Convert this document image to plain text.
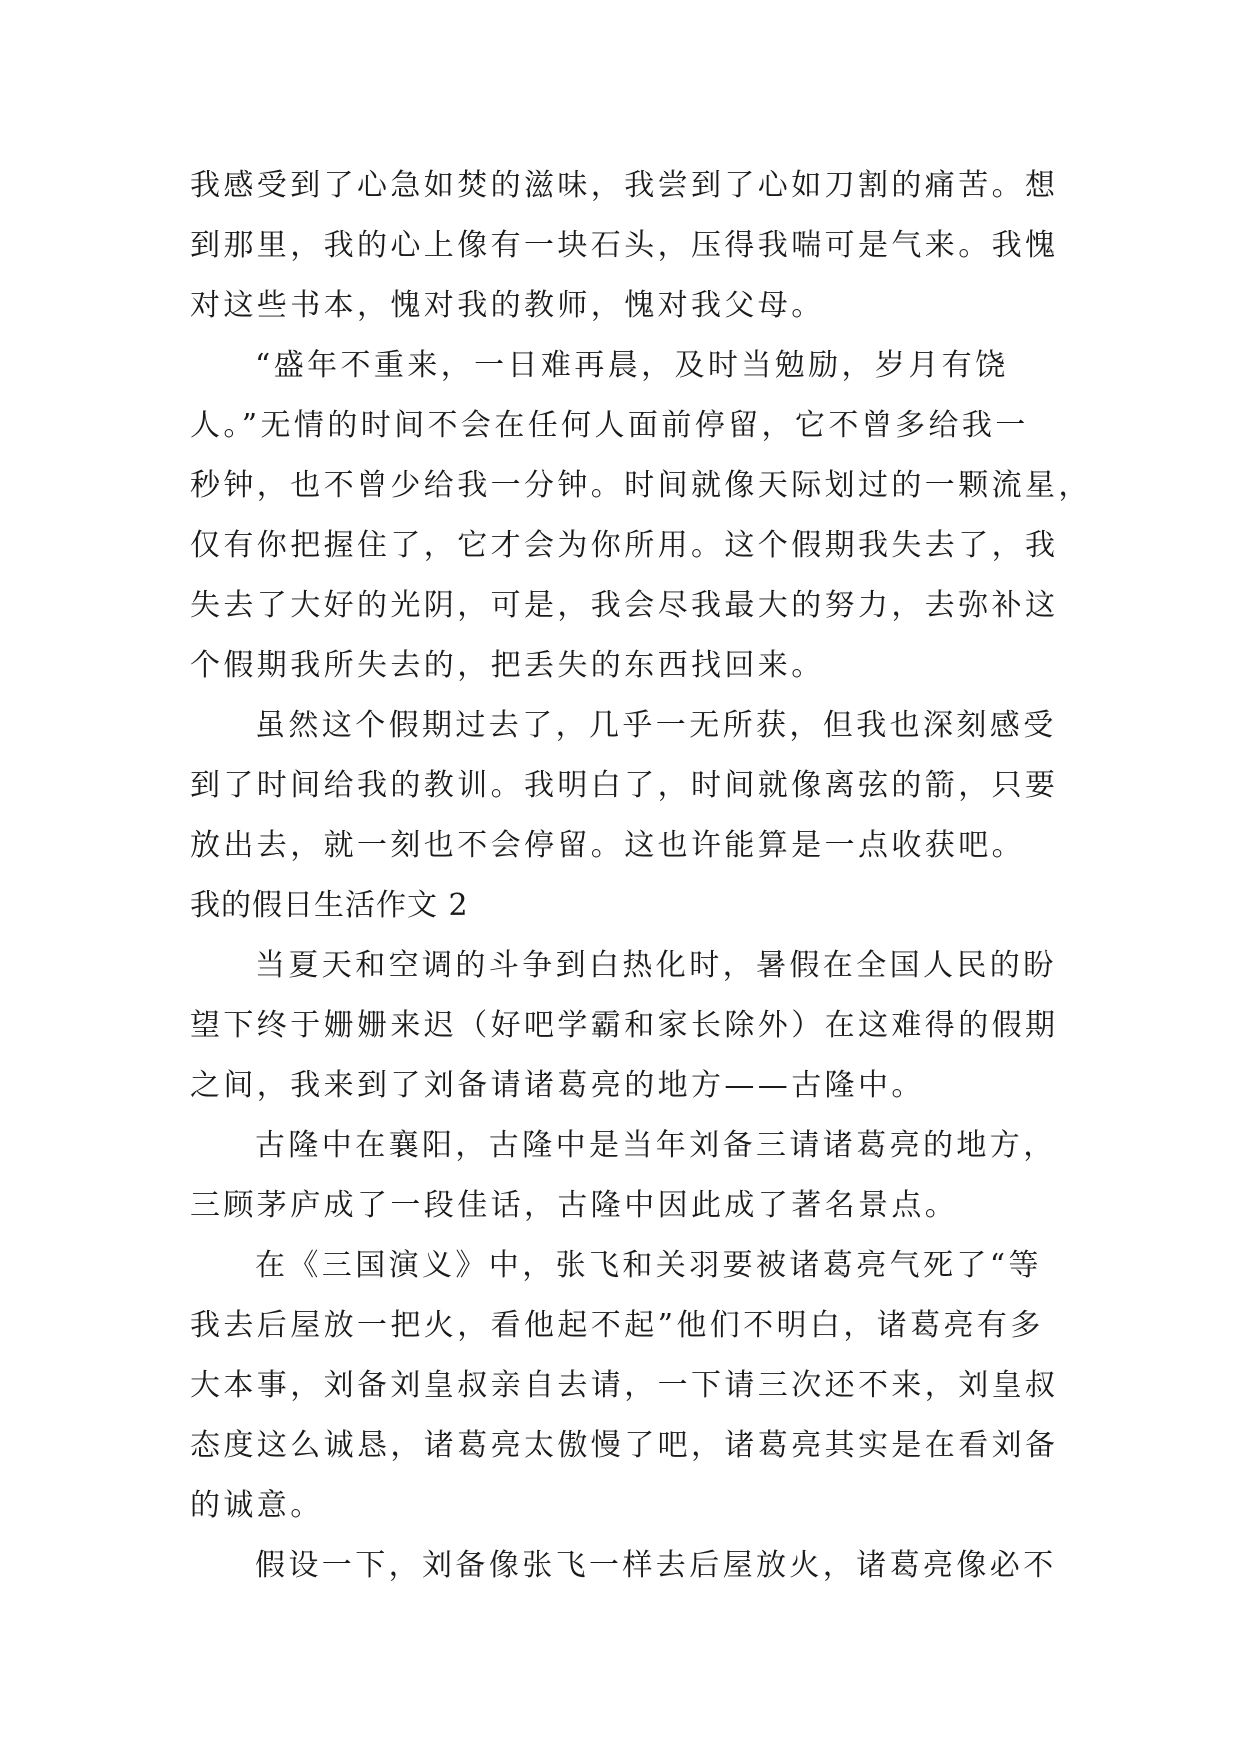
我感受到了心急如焚的滋味，我尝到了心如刀割的痛苦。想
到那里，我的心上像有一块石头，压得我喘可是气来。我愧
对这些书本，愧对我的教师，愧对我父母。
“盛年不重来，一日难再晨，及时当勉励，岁月有饶
人。”无情的时间不会在任何人面前停留，它不曾多给我一
秒钟，也不曾少给我一分钟。时间就像天际划过的一颗流星，
仅有你把握住了，它才会为你所用。这个假期我失去了，我
失去了大好的光阴，可是，我会尽我最大的努力，去弥补这
个假期我所失去的，把丢失的东西找回来。
虽然这个假期过去了，几乎一无所获，但我也深刻感受
到了时间给我的教训。我明白了，时间就像离弦的箭，只要
放出去，就一刻也不会停留。这也许能算是一点收获吧。
我的假日生活作文 2
当夏天和空调的斗争到白热化时，暑假在全国人民的盼
望下终于姗姗来迟（好吧学霸和家长除外）在这难得的假期
之间，我来到了刘备请诸葛亮的地方——古隆中。
古隆中在襄阳，古隆中是当年刘备三请诸葛亮的地方，
三顾茅庐成了一段佳话，古隆中因此成了著名景点。
在《三国演义》中，张飞和关羽要被诸葛亮气死了“等
我去后屋放一把火，看他起不起”他们不明白，诸葛亮有多
大本事，刘备刘皇叔亲自去请，一下请三次还不来，刘皇叔
态度这么诚恳，诸葛亮太傲慢了吧，诸葛亮其实是在看刘备
的诚意。
假设一下，刘备像张飞一样去后屋放火，诸葛亮像必不
